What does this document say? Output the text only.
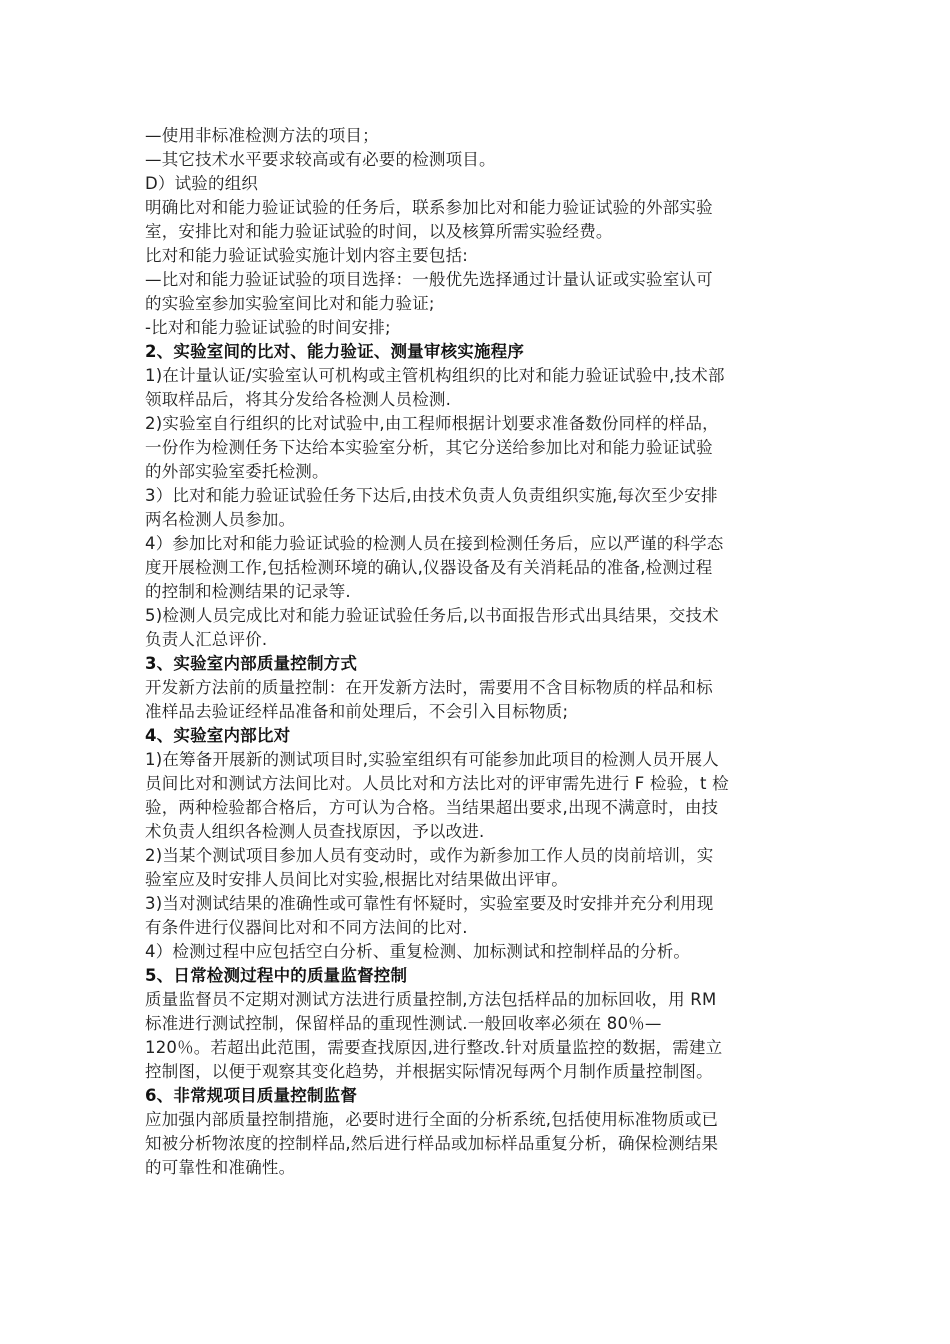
—使用非标准检测方法的项目；
—其它技术水平要求较高或有必要的检测项目。
D）试验的组织
明确比对和能力验证试验的任务后，联系参加比对和能力验证试验的外部实验
室，安排比对和能力验证试验的时间，以及核算所需实验经费。
比对和能力验证试验实施计划内容主要包括:
—比对和能力验证试验的项目选择：一般优先选择通过计量认证或实验室认可
的实验室参加实验室间比对和能力验证;
-比对和能力验证试验的时间安排;
2、实验室间的比对、能力验证、测量审核实施程序
1)在计量认证/实验室认可机构或主管机构组织的比对和能力验证试验中,技术部
领取样品后，将其分发给各检测人员检测.
2)实验室自行组织的比对试验中,由工程师根据计划要求准备数份同样的样品，
一份作为检测任务下达给本实验室分析，其它分送给参加比对和能力验证试验
的外部实验室委托检测。
3）比对和能力验证试验任务下达后,由技术负责人负责组织实施,每次至少安排
两名检测人员参加。
4）参加比对和能力验证试验的检测人员在接到检测任务后，应以严谨的科学态
度开展检测工作,包括检测环境的确认,仪器设备及有关消耗品的准备,检测过程
的控制和检测结果的记录等.
5)检测人员完成比对和能力验证试验任务后,以书面报告形式出具结果，交技术
负责人汇总评价.
3、实验室内部质量控制方式
开发新方法前的质量控制：在开发新方法时，需要用不含目标物质的样品和标
准样品去验证经样品准备和前处理后，不会引入目标物质;
4、实验室内部比对
1)在筹备开展新的测试项目时,实验室组织有可能参加此项目的检测人员开展人
员间比对和测试方法间比对。人员比对和方法比对的评审需先进行 F 检验，t 检
验，两种检验都合格后，方可认为合格。当结果超出要求,出现不满意时，由技
术负责人组织各检测人员查找原因，予以改进.
2)当某个测试项目参加人员有变动时，或作为新参加工作人员的岗前培训，实
验室应及时安排人员间比对实验,根据比对结果做出评审。
3)当对测试结果的准确性或可靠性有怀疑时，实验室要及时安排并充分利用现
有条件进行仪器间比对和不同方法间的比对.
4）检测过程中应包括空白分析、重复检测、加标测试和控制样品的分析。
5、日常检测过程中的质量监督控制
质量监督员不定期对测试方法进行质量控制,方法包括样品的加标回收，用 RM
标准进行测试控制，保留样品的重现性测试.一般回收率必须在 80％—
120％。若超出此范围，需要查找原因,进行整改.针对质量监控的数据，需建立
控制图，以便于观察其变化趋势，并根据实际情况每两个月制作质量控制图。
6、非常规项目质量控制监督
应加强内部质量控制措施，必要时进行全面的分析系统,包括使用标准物质或已
知被分析物浓度的控制样品,然后进行样品或加标样品重复分析，确保检测结果
的可靠性和准确性。
